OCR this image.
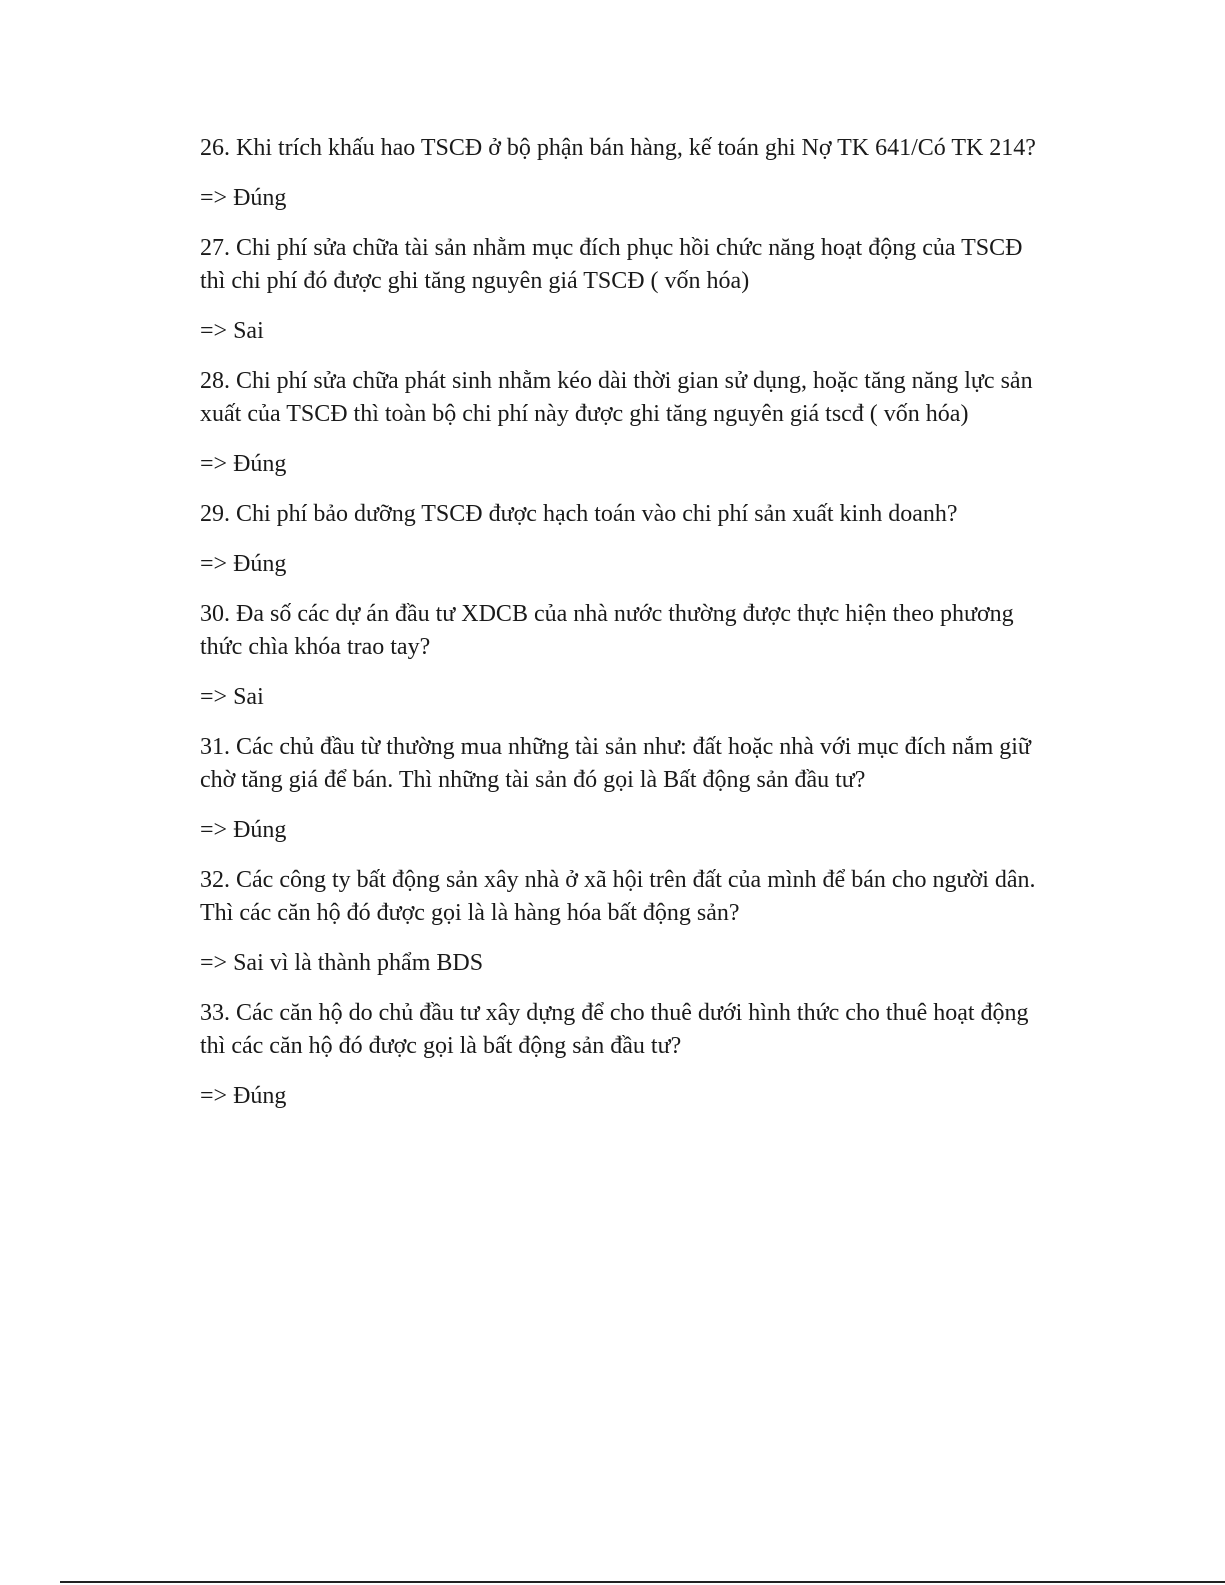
26. Khi trích khấu hao TSCĐ ở bộ phận bán hàng, kế toán ghi Nợ TK 641/Có TK 214?

=> Đúng

27. Chi phí sửa chữa tài sản nhằm mục đích phục hồi chức năng hoạt động của TSCĐ thì chi phí đó được ghi tăng nguyên giá TSCĐ ( vốn hóa)

=> Sai

28. Chi phí sửa chữa phát sinh nhằm kéo dài thời gian sử dụng, hoặc tăng năng lực sản xuất của TSCĐ thì toàn bộ chi phí này được ghi tăng nguyên giá tscđ ( vốn hóa)

=> Đúng

29. Chi phí bảo dưỡng TSCĐ được hạch toán vào chi phí sản xuất kinh doanh?

=> Đúng

30. Đa số các dự án đầu tư XDCB của nhà nước thường được thực hiện theo phương thức chìa khóa trao tay?

=> Sai

31. Các chủ đầu từ thường mua những tài sản như: đất hoặc nhà với mục đích nắm giữ chờ tăng giá để bán. Thì những tài sản đó gọi là Bất động sản đầu tư?

=> Đúng

32. Các công ty bất động sản xây nhà ở xã hội trên đất của mình để bán cho người dân. Thì các căn hộ đó được gọi là là hàng hóa bất động sản?

=> Sai vì là thành phẩm BDS

33. Các căn hộ do chủ đầu tư xây dựng để cho thuê dưới hình thức cho thuê hoạt động thì các căn hộ đó được gọi là bất động sản đầu tư?

=> Đúng
